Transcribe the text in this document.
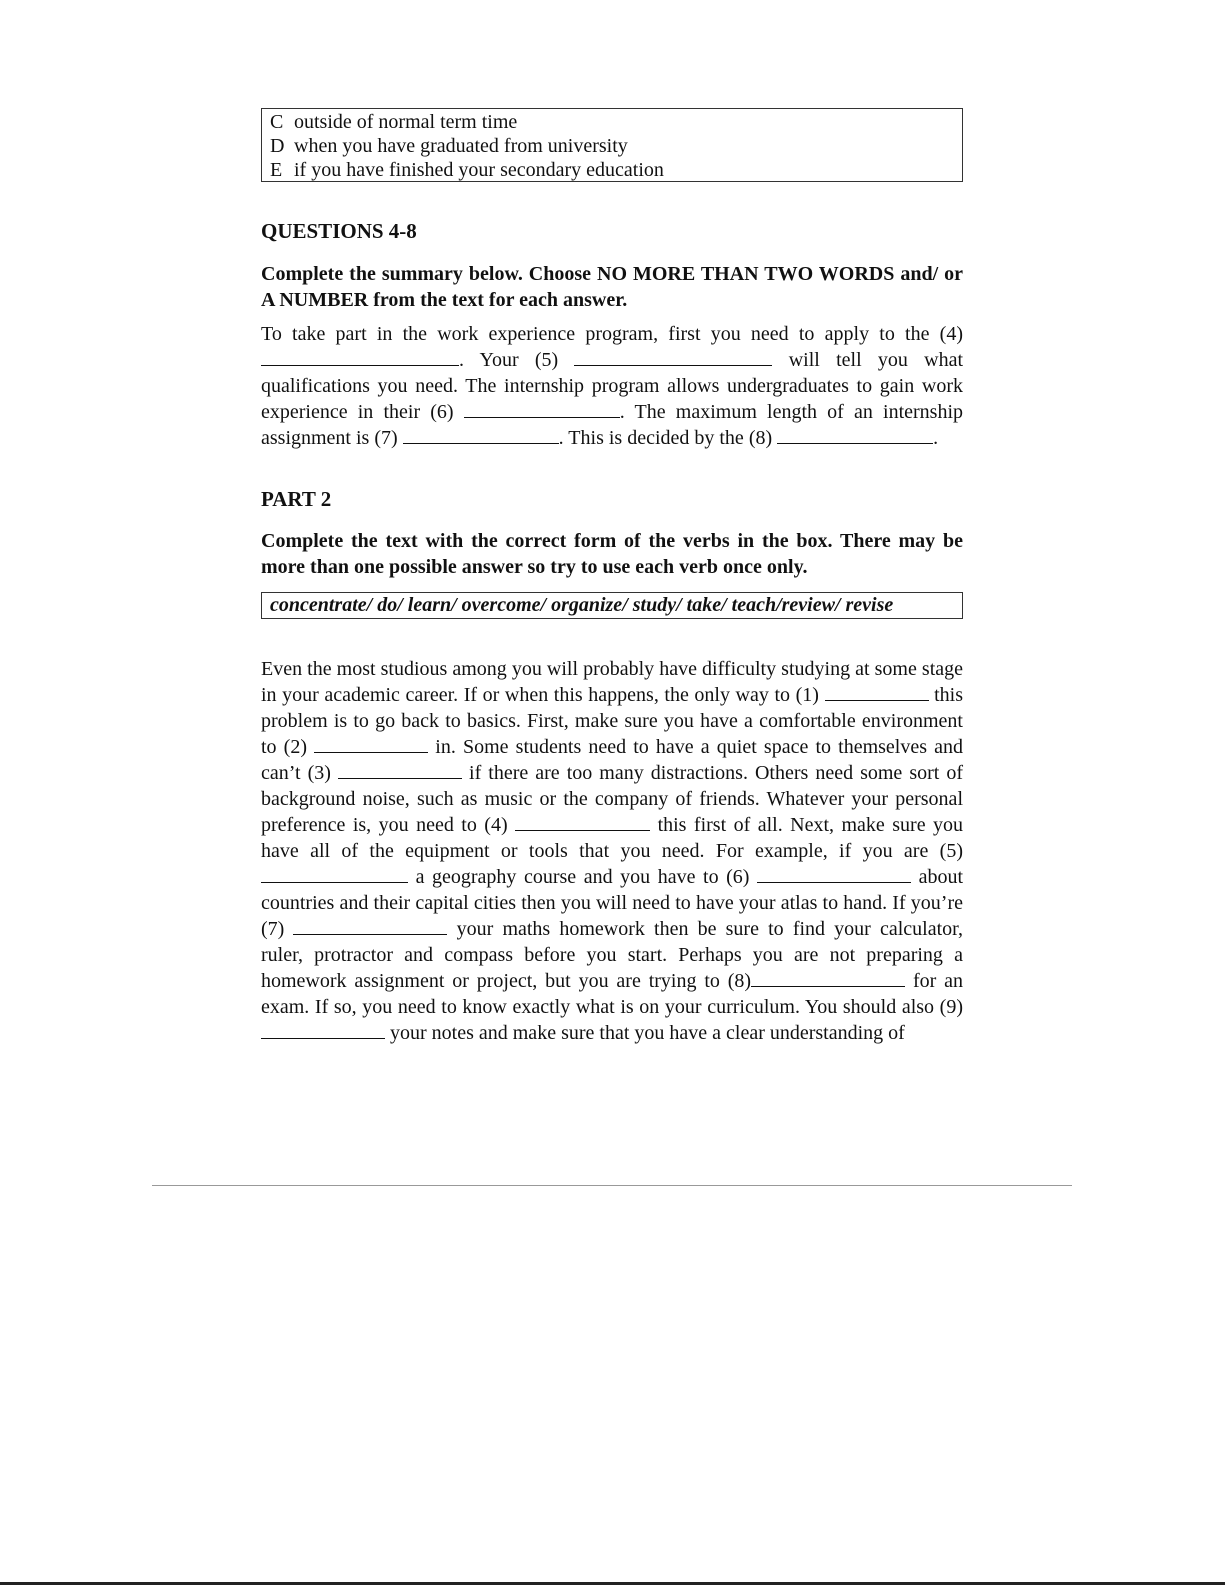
C outside of normal term time
D when you have graduated from university
E if you have finished your secondary education
QUESTIONS 4-8
Complete the summary below. Choose NO MORE THAN TWO WORDS and/ or A NUMBER from the text for each answer.
To take part in the work experience program, first you need to apply to the (4) . Your (5)	will tell you what qualifications you need. The internship program allows undergraduates to gain work experience in their (6)	. The maximum length of an internship assignment is (7)	. This is decided by the (8)	.
PART 2
Complete the text with the correct form of the verbs in the box. There may be more than one possible answer so try to use each verb once only.
concentrate/ do/ learn/ overcome/ organize/ study/ take/ teach/review/ revise
Even the most studious among you will probably have difficulty studying at some stage in your academic career. If or when this happens, the only way to (1)	this problem is to go back to basics. First, make sure you have a comfortable environment to (2)	in. Some students need to have a quiet space to themselves and can’t (3)	if there are too many distractions. Others need some sort of background noise, such as music or the company of friends. Whatever your personal preference is, you need to (4)	this first of all. Next, make sure you have all of the equipment or tools that you need. For example, if you are (5)  a geography course and you have to (6)	about countries and their capital cities then you will need to have your atlas to hand. If you’re (7)	your maths homework then be sure to find your calculator, ruler, protractor and compass before you start. Perhaps you are not preparing a homework assignment or project, but you are trying to (8)	for an exam. If so, you need to know exactly what is on your curriculum. You should also (9)  your notes and make sure that you have a clear understanding of
